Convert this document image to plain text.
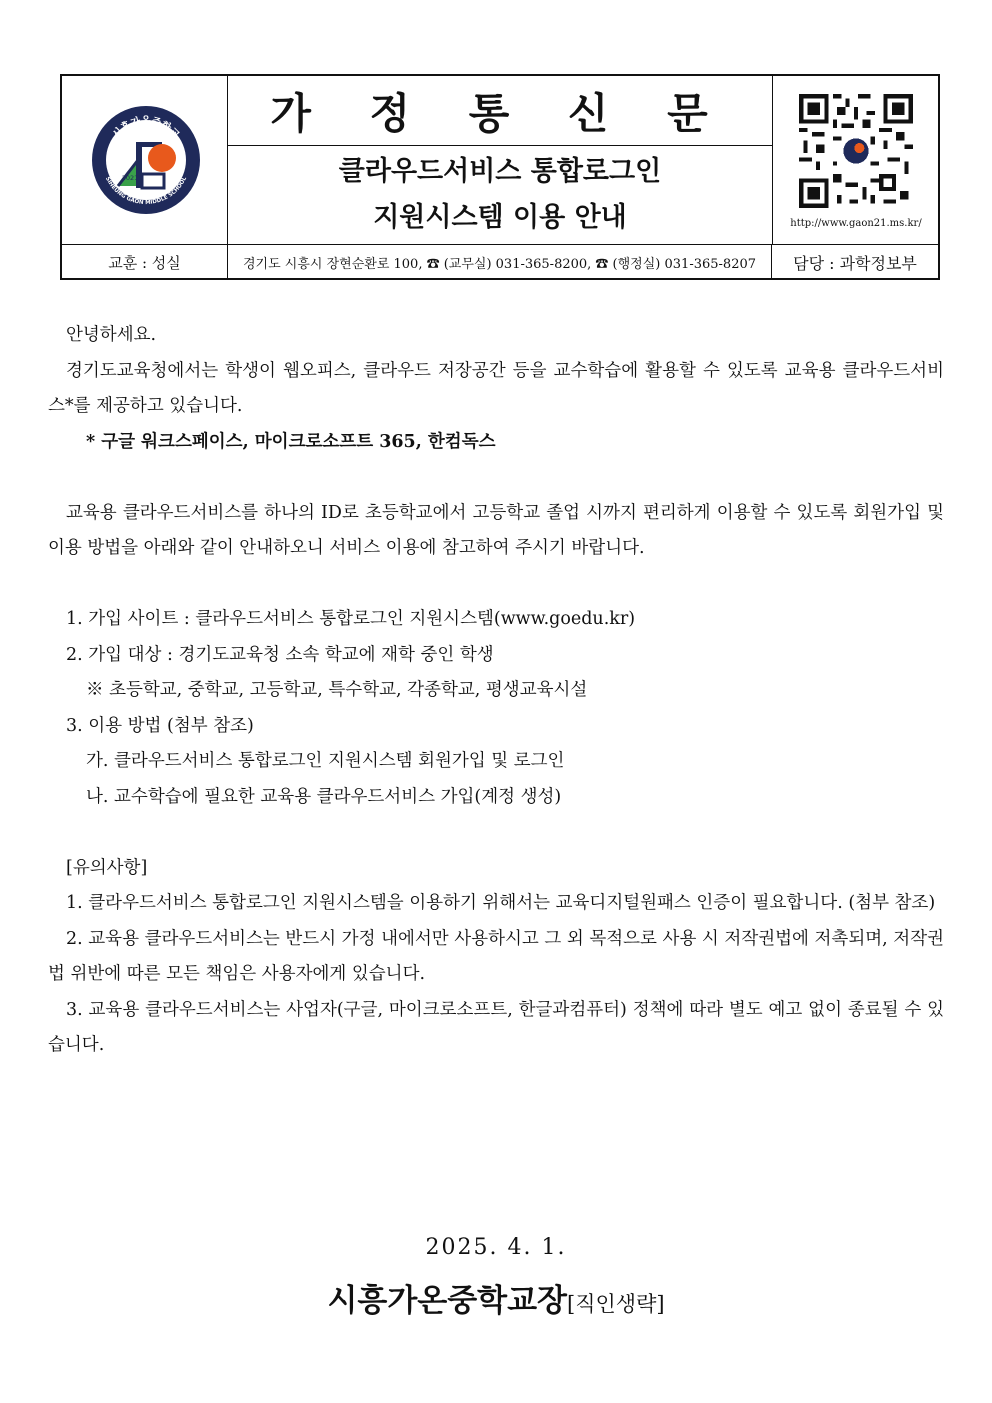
시흥가온중학교
SIHEUNG GAON MIDDLE SCHOOL
2021
가 정 통 신 문
클라우드서비스 통합로그인
지원시스템 이용 안내	http://www.gaon21.ms.kr/
교훈 : 성실	경기도 시흥시 장현순환로 100, ☎ (교무실) 031-365-8200, ☎ (행정실) 031-365-8207	담당 : 과학정보부

안녕하세요.

경기도교육청에서는 학생이 웹오피스, 클라우드 저장공간 등을 교수학습에 활용할 수 있도록 교육용 클라우드서비스*를 제공하고 있습니다.

* 구글 워크스페이스, 마이크로소프트 365, 한컴독스

교육용 클라우드서비스를 하나의 ID로 초등학교에서 고등학교 졸업 시까지 편리하게 이용할 수 있도록 회원가입 및 이용 방법을 아래와 같이 안내하오니 서비스 이용에 참고하여 주시기 바랍니다.

1. 가입 사이트 : 클라우드서비스 통합로그인 지원시스템(www.goedu.kr)

2. 가입 대상 : 경기도교육청 소속 학교에 재학 중인 학생

※ 초등학교, 중학교, 고등학교, 특수학교, 각종학교, 평생교육시설

3. 이용 방법 (첨부 참조)

가. 클라우드서비스 통합로그인 지원시스템 회원가입 및 로그인

나. 교수학습에 필요한 교육용 클라우드서비스 가입(계정 생성)

[유의사항]

1. 클라우드서비스 통합로그인 지원시스템을 이용하기 위해서는 교육디지털원패스 인증이 필요합니다. (첨부 참조)

2. 교육용 클라우드서비스는 반드시 가정 내에서만 사용하시고 그 외 목적으로 사용 시 저작권법에 저촉되며, 저작권법 위반에 따른 모든 책임은 사용자에게 있습니다.

3. 교육용 클라우드서비스는 사업자(구글, 마이크로소프트, 한글과컴퓨터) 정책에 따라 별도 예고 없이 종료될 수 있습니다.

2025. 4. 1.
시흥가온중학교장[직인생략]
